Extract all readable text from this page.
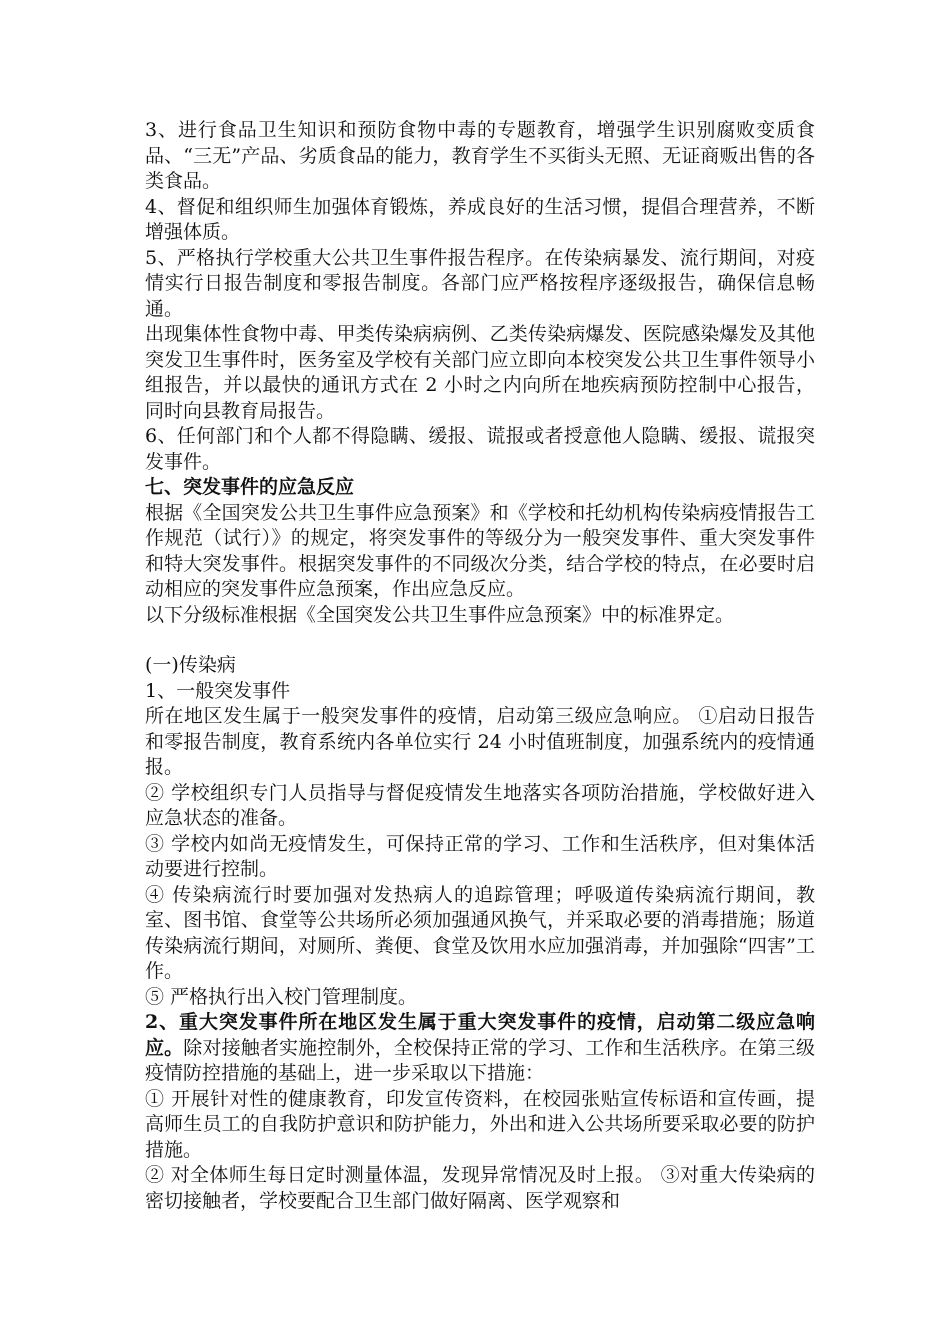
3、进行食品卫生知识和预防食物中毒的专题教育，增强学生识别腐败变质食品、“三无”产品、劣质食品的能力，教育学生不买街头无照、无证商贩出售的各类食品。

4、督促和组织师生加强体育锻炼，养成良好的生活习惯，提倡合理营养，不断增强体质。

5、严格执行学校重大公共卫生事件报告程序。在传染病暴发、流行期间，对疫情实行日报告制度和零报告制度。各部门应严格按程序逐级报告，确保信息畅通。

出现集体性食物中毒、甲类传染病病例、乙类传染病爆发、医院感染爆发及其他突发卫生事件时，医务室及学校有关部门应立即向本校突发公共卫生事件领导小组报告，并以最快的通讯方式在 2 小时之内向所在地疾病预防控制中心报告，同时向县教育局报告。

6、任何部门和个人都不得隐瞒、缓报、谎报或者授意他人隐瞒、缓报、谎报突发事件。

七、突发事件的应急反应

根据《全国突发公共卫生事件应急预案》和《学校和托幼机构传染病疫情报告工作规范（试行）》的规定，将突发事件的等级分为一般突发事件、重大突发事件和特大突发事件。根据突发事件的不同级次分类，结合学校的特点，在必要时启动相应的突发事件应急预案，作出应急反应。

以下分级标准根据《全国突发公共卫生事件应急预案》中的标准界定。

(一)传染病

1、一般突发事件

所在地区发生属于一般突发事件的疫情，启动第三级应急响应。 ①启动日报告和零报告制度，教育系统内各单位实行 24 小时值班制度，加强系统内的疫情通报。

② 学校组织专门人员指导与督促疫情发生地落实各项防治措施，学校做好进入应急状态的准备。

③ 学校内如尚无疫情发生，可保持正常的学习、工作和生活秩序，但对集体活动要进行控制。

④ 传染病流行时要加强对发热病人的追踪管理；呼吸道传染病流行期间，教室、图书馆、食堂等公共场所必须加强通风换气，并采取必要的消毒措施；肠道传染病流行期间，对厕所、粪便、食堂及饮用水应加强消毒，并加强除“四害”工作。

⑤ 严格执行出入校门管理制度。

2、重大突发事件所在地区发生属于重大突发事件的疫情，启动第二级应急响应。除对接触者实施控制外，全校保持正常的学习、工作和生活秩序。在第三级疫情防控措施的基础上，进一步采取以下措施：

① 开展针对性的健康教育，印发宣传资料，在校园张贴宣传标语和宣传画，提高师生员工的自我防护意识和防护能力，外出和进入公共场所要采取必要的防护措施。

② 对全体师生每日定时测量体温，发现异常情况及时上报。 ③对重大传染病的密切接触者，学校要配合卫生部门做好隔离、医学观察和
